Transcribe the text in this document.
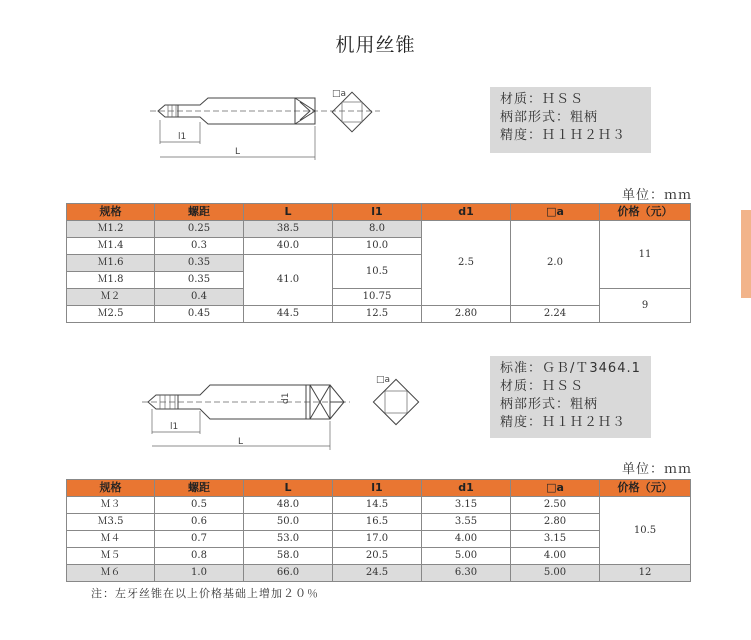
机用丝锥
l1
L
□a	材质：ＨＳＳ
柄部形式：粗柄
精度：Ｈ１Ｈ２Ｈ３
单位：ｍｍ
规格	螺距	L	l1	d1	□a	价格（元）
Ｍ1.2	0.25	38.5	8.0	2.5	2.0	11
Ｍ1.4	0.3	40.0	10.0			
Ｍ1.6	0.35	41.0	10.5			
Ｍ1.8	0.35					
Ｍ２	0.4		10.75			9
Ｍ2.5	0.45	44.5	12.5	2.80	2.24	
l1
L
d1
□a
标准：ＧＢ/Ｔ3464.1
材质：ＨＳＳ
柄部形式：粗柄
精度：Ｈ１Ｈ２Ｈ３
单位：ｍｍ
规格	螺距	L	l1	d1	□a	价格（元）
Ｍ３	0.5	48.0	14.5	3.15	2.50	10.5
Ｍ3.5	0.6	50.0	16.5	3.55	2.80	
Ｍ４	0.7	53.0	17.0	4.00	3.15	
Ｍ５	0.8	58.0	20.5	5.00	4.00	
Ｍ６	1.0	66.0	24.5	6.30	5.00	12
注：左牙丝锥在以上价格基础上增加２０％
